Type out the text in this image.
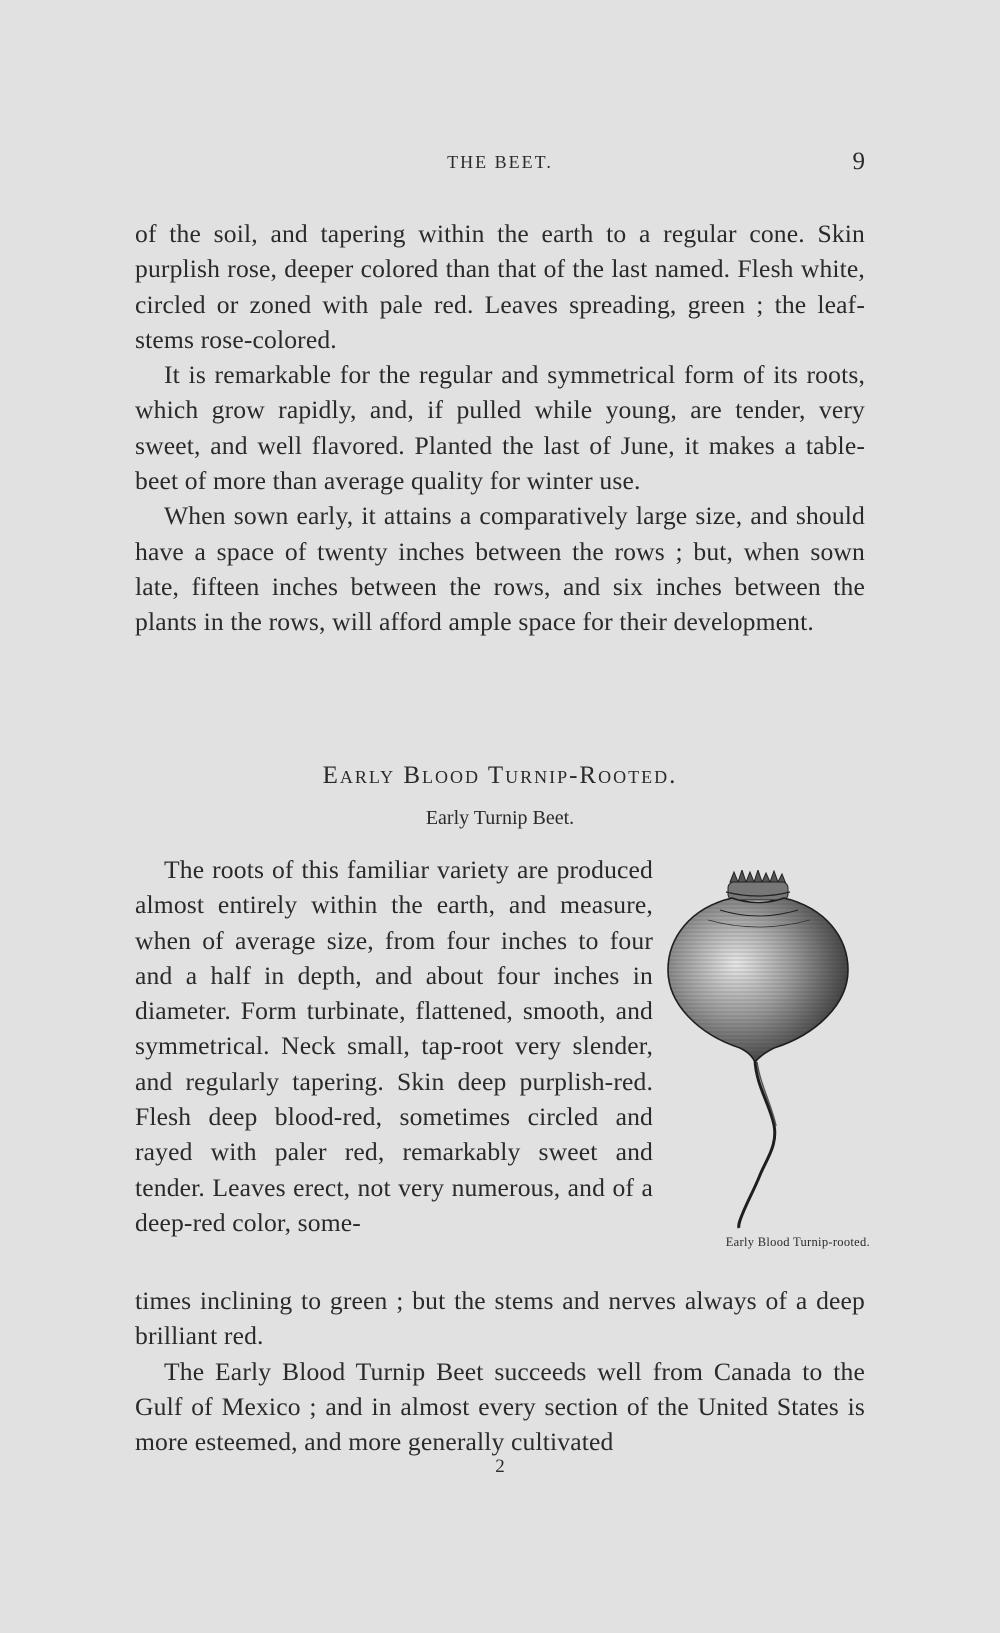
THE BEET.	9

of the soil, and tapering within the earth to a regular cone. Skin purplish rose, deeper colored than that of the last named. Flesh white, circled or zoned with pale red. Leaves spreading, green ; the leaf-stems rose-colored.

It is remarkable for the regular and symmetrical form of its roots, which grow rapidly, and, if pulled while young, are tender, very sweet, and well flavored. Planted the last of June, it makes a table-beet of more than average quality for winter use.

When sown early, it attains a comparatively large size, and should have a space of twenty inches between the rows ; but, when sown late, fifteen inches between the rows, and six inches between the plants in the rows, will afford ample space for their development.

Early Blood Turnip-Rooted.
Early Turnip Beet.

The roots of this familiar variety are produced almost entirely within the earth, and measure, when of average size, from four inches to four and a half in depth, and about four inches in diameter. Form turbinate, flattened, smooth, and symmetrical. Neck small, tap-root very slender, and regularly tapering. Skin deep purplish-red. Flesh deep blood-red, sometimes circled and rayed with paler red, remarkably sweet and tender. Leaves erect, not very numerous, and of a deep-red color, some-

Early Blood Turnip-rooted.

times inclining to green ; but the stems and nerves always of a deep brilliant red.

The Early Blood Turnip Beet succeeds well from Canada to the Gulf of Mexico ; and in almost every section of the United States is more esteemed, and more generally cultivated

2
